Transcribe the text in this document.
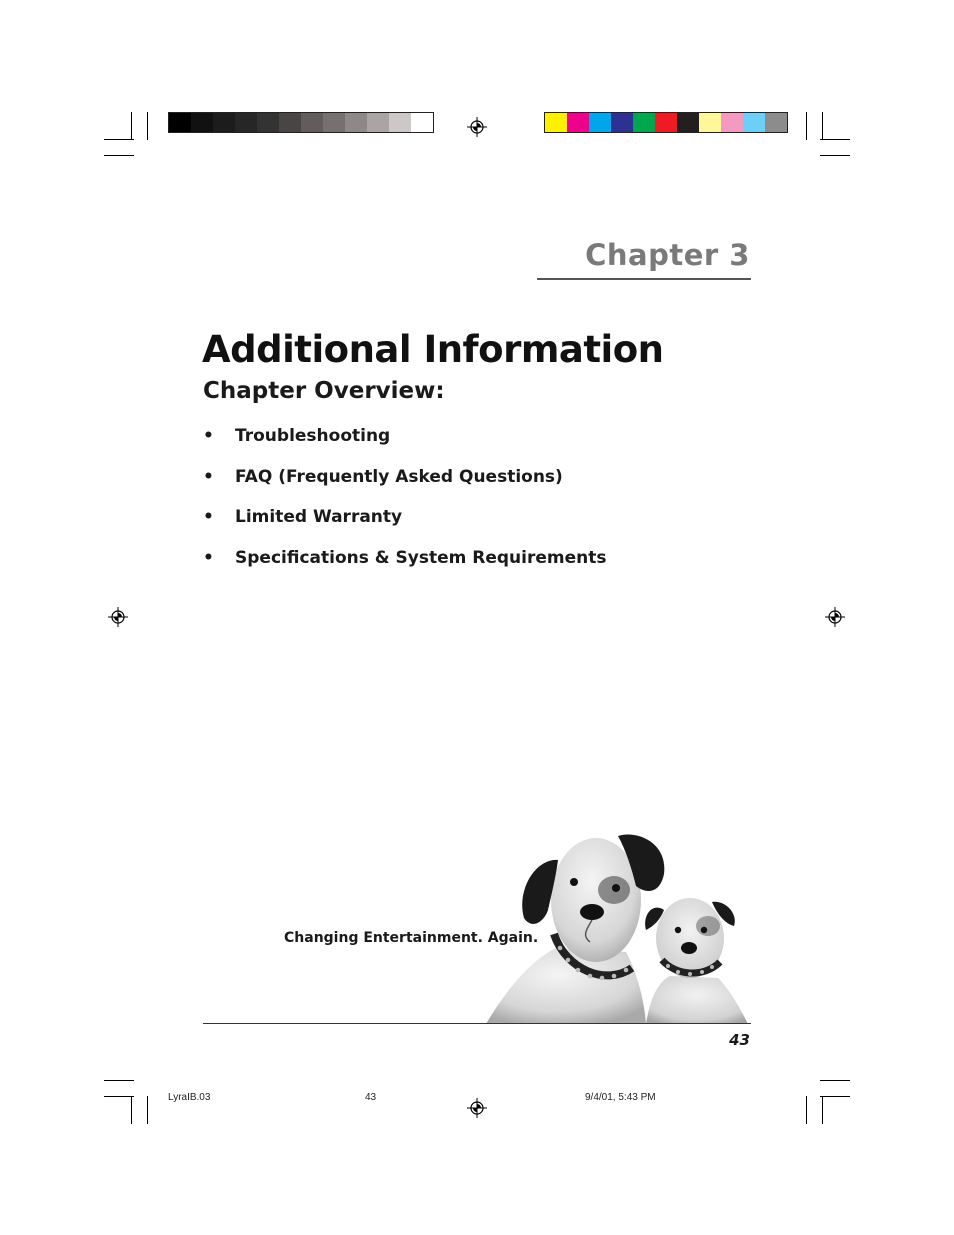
Chapter 3
Additional Information
Chapter Overview:
• Troubleshooting
• FAQ (Frequently Asked Questions)
• Limited Warranty
• Specifications & System Requirements
Changing Entertainment. Again.
43
LyraIB.03	43	9/4/01, 5:43 PM
